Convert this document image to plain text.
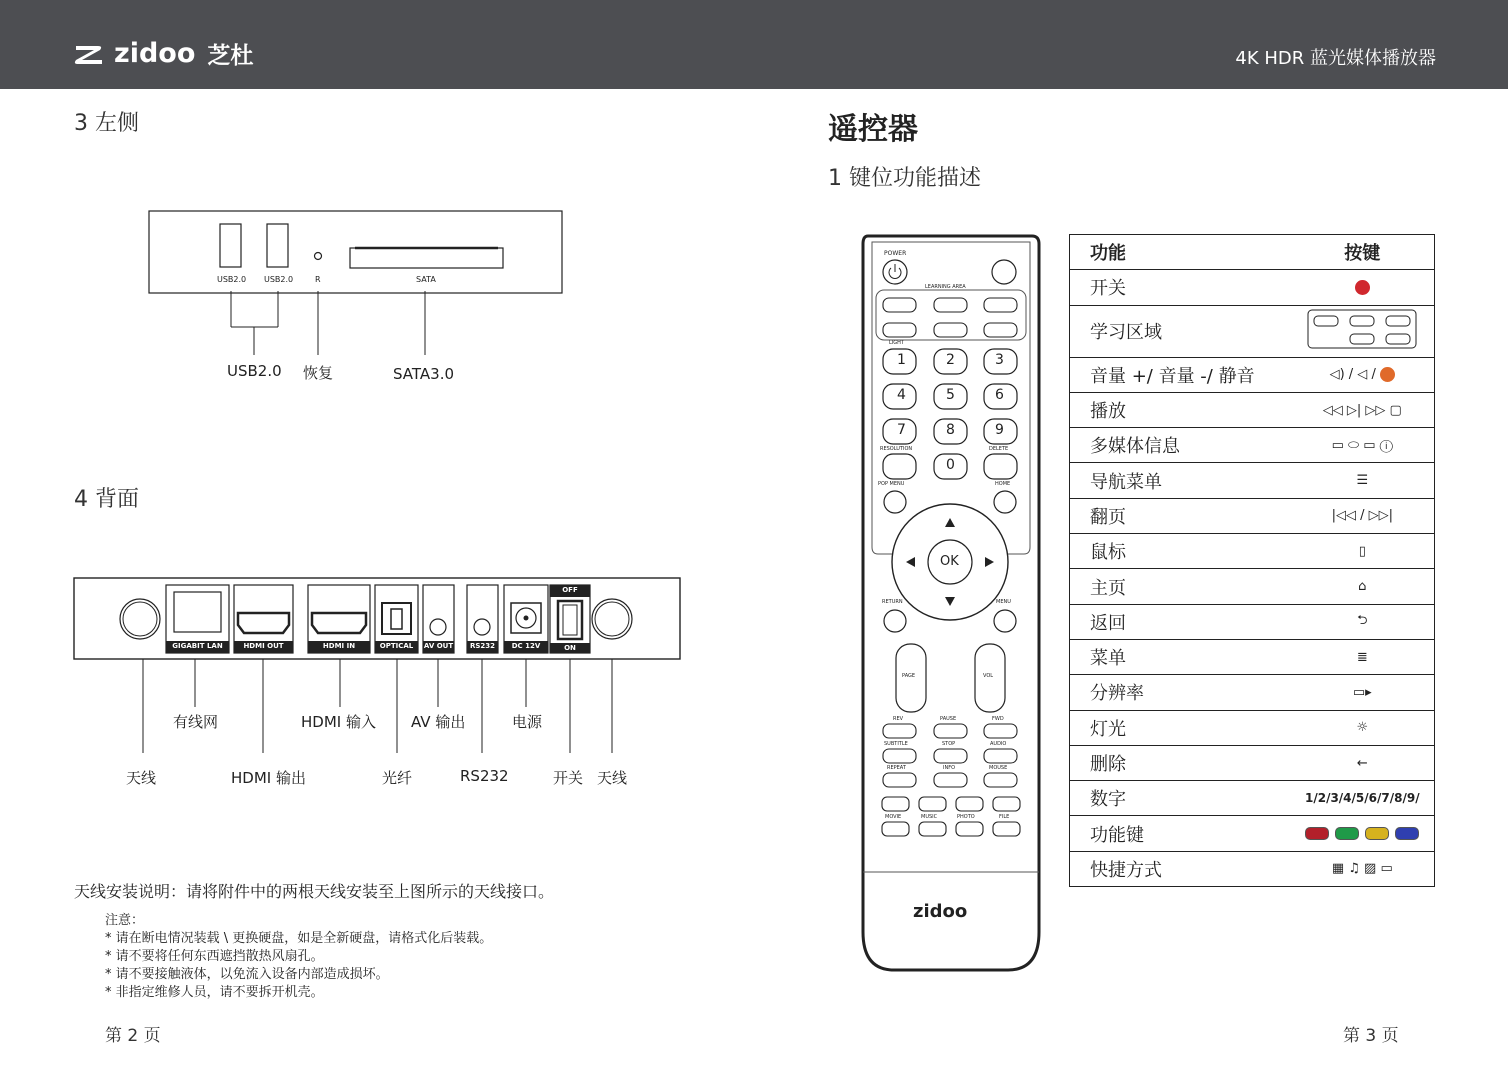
zidoo 芝杜	4K HDR 蓝光媒体播放器
3 左侧
USB2.0 USB2.0	R	SATA
USB2.0 恢复	SATA3.0
4 背面
GIGABIT LAN	HDMI OUT	HDMI IN	OPTICAL	AV OUT	RS232	DC 12V
OFF
ON
有线网	HDMI 输入 AV 输出	电源
天线	HDMI 输出	光纤	RS232	开关 天线
天线安装说明：请将附件中的两根天线安装至上图所示的天线接口。
注意：
* 请在断电情况装载 \ 更换硬盘，如是全新硬盘，请格式化后装载。
* 请不要将任何东西遮挡散热风扇孔。
* 请不要接触液体，以免流入设备内部造成损坏。
* 非指定维修人员，请不要拆开机壳。
第 2 页
遥控器
1 键位功能描述
POWER
LEARNING AREA
LIGHT
RESOLUTION	DELETE
POP MENU	HOME
OK
RETURN	MENU
PAGE	VOL
REV	PAUSE	FWD
SUBTITLE	STOP	AUDIO
REPEAT	INFO	MOUSE
MOVIE	MUSIC	PHOTO	FILE
1	2	3
4	5	6
7	8	9
0
zidoo
功能	按键
开关	
学习区域	
音量 +/ 音量 -/ 静音	◁) / ◁ /
播放	◁◁ ▷| ▷▷ ▢
多媒体信息	▭ ⬭ ▭ ⓘ
导航菜单	☰
翻页	|◁◁ / ▷▷|
鼠标	▯
主页	⌂
返回	⮌
菜单	≣
分辨率	▭▸
灯光	☼
删除	←
数字	1/2/3/4/5/6/7/8/9/
功能键	
快捷方式	▦ ♫ ▨ ▭
第 3 页
